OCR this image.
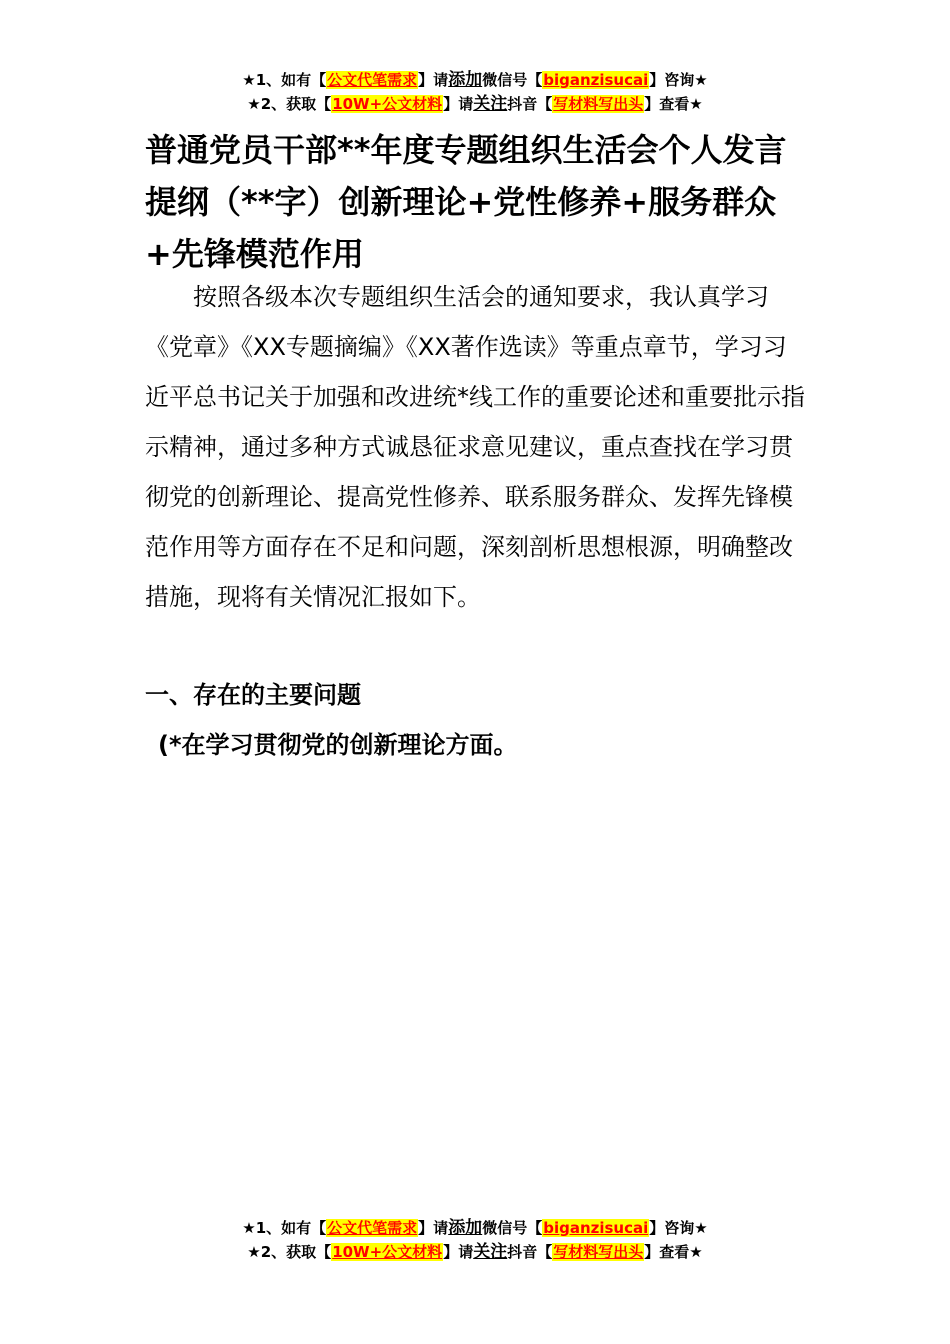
★1、如有【公文代笔需求】请添加微信号【biganzisucai】咨询★
★2、获取【10W+公文材料】请关注抖音【写材料写出头】查看★
普通党员干部**年度专题组织生活会个人发言提纲（**字）创新理论+党性修养+服务群众+先锋模范作用

按照各级本次专题组织生活会的通知要求，我认真学习《党章》《XX专题摘编》《XX著作选读》等重点章节，学习习近平总书记关于加强和改进统*线工作的重要论述和重要批示指示精神，通过多种方式诚恳征求意见建议，重点查找在学习贯彻党的创新理论、提高党性修养、联系服务群众、发挥先锋模范作用等方面存在不足和问题，深刻剖析思想根源，明确整改措施，现将有关情况汇报如下。

一、存在的主要问题
(*在学习贯彻党的创新理论方面。
★1、如有【公文代笔需求】请添加微信号【biganzisucai】咨询★
★2、获取【10W+公文材料】请关注抖音【写材料写出头】查看★
